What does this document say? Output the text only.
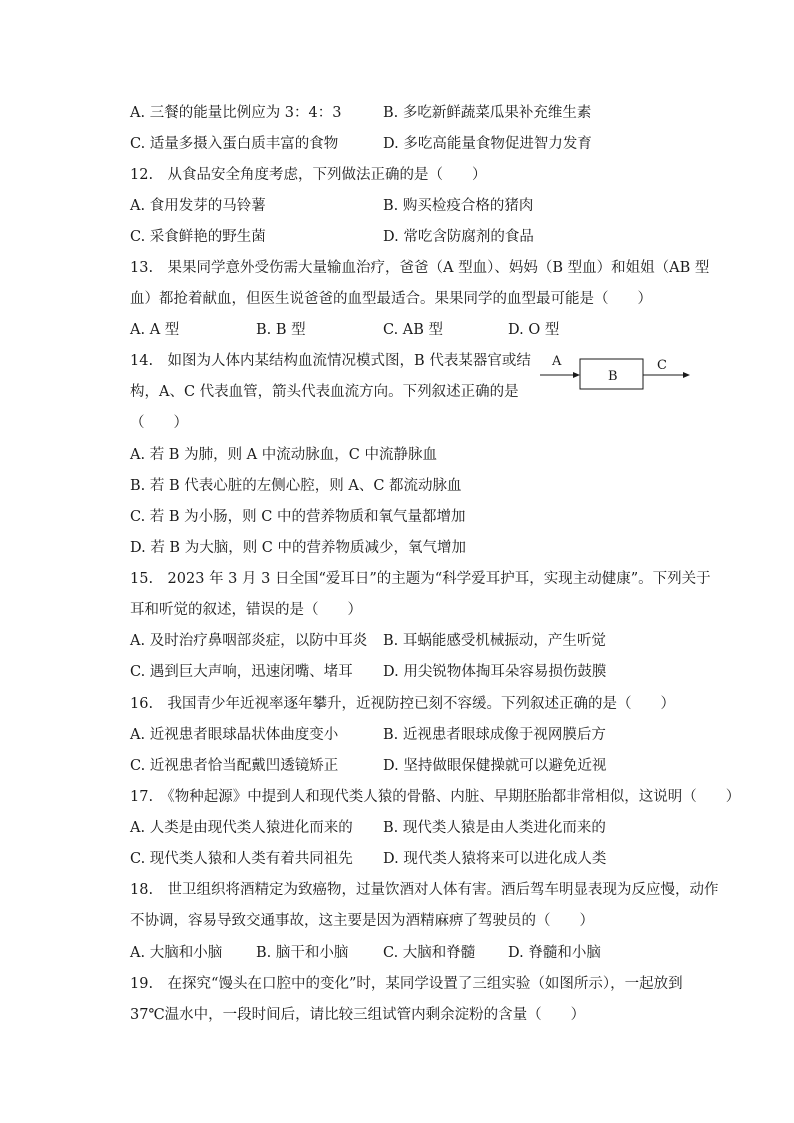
A. 三餐的能量比例应为 3：4：3	B. 多吃新鲜蔬菜瓜果补充维生素
C. 适量多摄入蛋白质丰富的食物	D. 多吃高能量食物促进智力发育
12.　从食品安全角度考虑，下列做法正确的是（　　）
A. 食用发芽的马铃薯	B. 购买检疫合格的猪肉
C. 采食鲜艳的野生菌	D. 常吃含防腐剂的食品
13.　果果同学意外受伤需大量输血治疗，爸爸（A 型血）、妈妈（B 型血）和姐姐（AB 型
血）都抢着献血，但医生说爸爸的血型最适合。果果同学的血型最可能是（　　）
A. A 型	B. B 型	C. AB 型	D. O 型
14.　如图为人体内某结构血流情况模式图，B 代表某器官或结
构，A、C 代表血管，箭头代表血流方向。下列叙述正确的是
（　　）
A
B
C
A. 若 B 为肺，则 A 中流动脉血，C 中流静脉血
B. 若 B 代表心脏的左侧心腔，则 A、C 都流动脉血
C. 若 B 为小肠，则 C 中的营养物质和氧气量都增加
D. 若 B 为大脑，则 C 中的营养物质减少，氧气增加
15.　2023 年 3 月 3 日全国“爱耳日”的主题为“科学爱耳护耳，实现主动健康”。下列关于
耳和听觉的叙述，错误的是（　　）
A. 及时治疗鼻咽部炎症，以防中耳炎 B. 耳蜗能感受机械振动，产生听觉
C. 遇到巨大声响，迅速闭嘴、堵耳 D. 用尖锐物体掏耳朵容易损伤鼓膜
16.　我国青少年近视率逐年攀升，近视防控已刻不容缓。下列叙述正确的是（　　）
A. 近视患者眼球晶状体曲度变小	B. 近视患者眼球成像于视网膜后方
C. 近视患者恰当配戴凹透镜矫正	D. 坚持做眼保健操就可以避免近视
17.　《物种起源》中提到人和现代类人猿的骨骼、内脏、早期胚胎都非常相似，这说明（　　）
A. 人类是由现代类人猿进化而来的 B. 现代类人猿是由人类进化而来的
C. 现代类人猿和人类有着共同祖先 D. 现代类人猿将来可以进化成人类
18.　世卫组织将酒精定为致癌物，过量饮酒对人体有害。酒后驾车明显表现为反应慢，动作
不协调，容易导致交通事故，这主要是因为酒精麻痹了驾驶员的（　　）
A. 大脑和小脑 B. 脑干和小脑 C. 大脑和脊髓 D. 脊髓和小脑
19.　在探究“馒头在口腔中的变化”时，某同学设置了三组实验（如图所示），一起放到
37℃温水中，一段时间后，请比较三组试管内剩余淀粉的含量（　　）
